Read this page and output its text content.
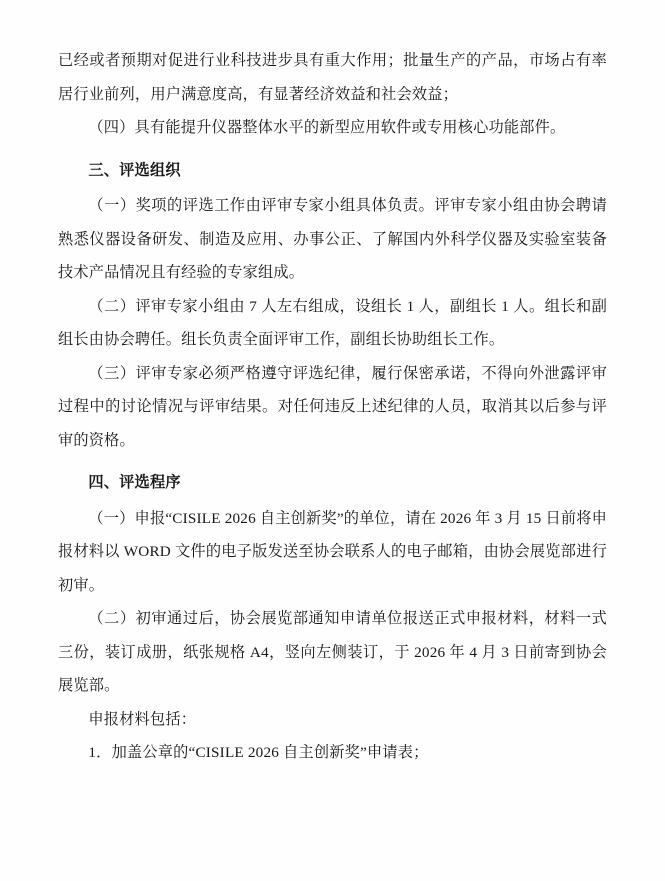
已经或者预期对促进行业科技进步具有重大作用；批量生产的产品，市场占有率居行业前列，用户满意度高，有显著经济效益和社会效益；

（四）具有能提升仪器整体水平的新型应用软件或专用核心功能部件。

三、评选组织

（一）奖项的评选工作由评审专家小组具体负责。评审专家小组由协会聘请熟悉仪器设备研发、制造及应用、办事公正、了解国内外科学仪器及实验室装备技术产品情况且有经验的专家组成。

（二）评审专家小组由 7 人左右组成，设组长 1 人，副组长 1 人。组长和副组长由协会聘任。组长负责全面评审工作，副组长协助组长工作。

（三）评审专家必须严格遵守评选纪律，履行保密承诺，不得向外泄露评审过程中的讨论情况与评审结果。对任何违反上述纪律的人员，取消其以后参与评审的资格。

四、评选程序

（一）申报“CISILE 2026 自主创新奖”的单位，请在 2026 年 3 月 15 日前将申报材料以 WORD 文件的电子版发送至协会联系人的电子邮箱，由协会展览部进行初审。

（二）初审通过后，协会展览部通知申请单位报送正式申报材料，材料一式三份，装订成册，纸张规格 A4，竖向左侧装订，于 2026 年 4 月 3 日前寄到协会展览部。

申报材料包括：

1．加盖公章的“CISILE 2026 自主创新奖”申请表；
